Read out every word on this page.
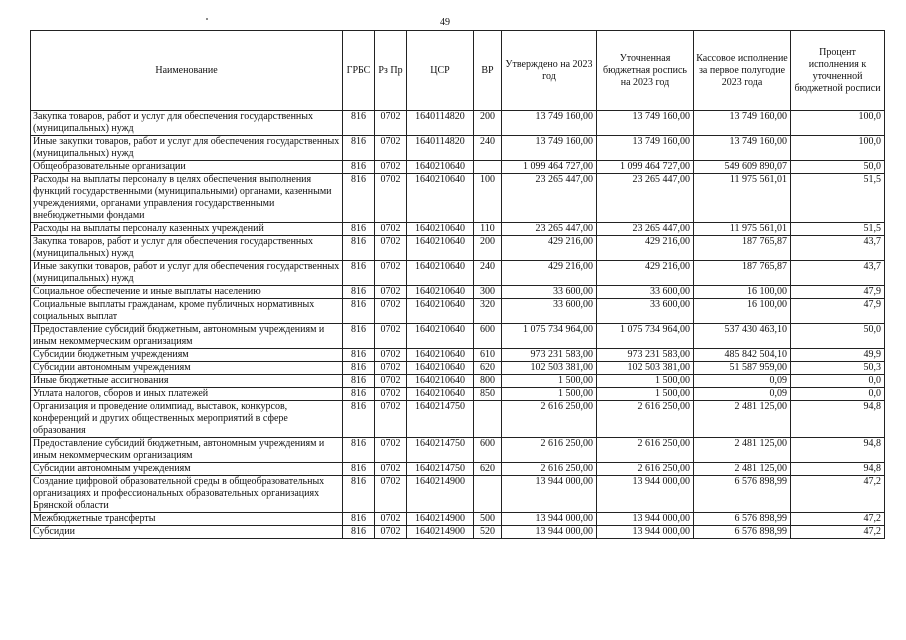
49
Наименование	ГРБС	Рз Пр	ЦСР	ВР	Утверждено на 2023 год	Уточненная бюджетная роспись на 2023 год	Кассовое исполнение за первое полугодие 2023 года	Процент исполнения к уточненной бюджетной росписи
Закупка товаров, работ и услуг для обеспечения государственных (муниципальных) нужд	816	0702	1640114820	200	13 749 160,00	13 749 160,00	13 749 160,00	100,0
Иные закупки товаров, работ и услуг для обеспечения государственных (муниципальных) нужд	816	0702	1640114820	240	13 749 160,00	13 749 160,00	13 749 160,00	100,0
Общеобразовательные организации	816	0702	1640210640		1 099 464 727,00	1 099 464 727,00	549 609 890,07	50,0
Расходы на выплаты персоналу в целях обеспечения выполнения функций государственными (муниципальными) органами, казенными учреждениями, органами управления государственными внебюджетными фондами	816	0702	1640210640	100	23 265 447,00	23 265 447,00	11 975 561,01	51,5
Расходы на выплаты персоналу казенных учреждений	816	0702	1640210640	110	23 265 447,00	23 265 447,00	11 975 561,01	51,5
Закупка товаров, работ и услуг для обеспечения государственных (муниципальных) нужд	816	0702	1640210640	200	429 216,00	429 216,00	187 765,87	43,7
Иные закупки товаров, работ и услуг для обеспечения государственных (муниципальных) нужд	816	0702	1640210640	240	429 216,00	429 216,00	187 765,87	43,7
Социальное обеспечение и иные выплаты населению	816	0702	1640210640	300	33 600,00	33 600,00	16 100,00	47,9
Социальные выплаты гражданам, кроме публичных нормативных социальных выплат	816	0702	1640210640	320	33 600,00	33 600,00	16 100,00	47,9
Предоставление субсидий бюджетным, автономным учреждениям и иным некоммерческим организациям	816	0702	1640210640	600	1 075 734 964,00	1 075 734 964,00	537 430 463,10	50,0
Субсидии бюджетным учреждениям	816	0702	1640210640	610	973 231 583,00	973 231 583,00	485 842 504,10	49,9
Субсидии автономным учреждениям	816	0702	1640210640	620	102 503 381,00	102 503 381,00	51 587 959,00	50,3
Иные бюджетные ассигнования	816	0702	1640210640	800	1 500,00	1 500,00	0,09	0,0
Уплата налогов, сборов и иных платежей	816	0702	1640210640	850	1 500,00	1 500,00	0,09	0,0
Организация и проведение олимпиад, выставок, конкурсов, конференций и других общественных мероприятий в сфере образования	816	0702	1640214750		2 616 250,00	2 616 250,00	2 481 125,00	94,8
Предоставление субсидий бюджетным, автономным учреждениям и иным некоммерческим организациям	816	0702	1640214750	600	2 616 250,00	2 616 250,00	2 481 125,00	94,8
Субсидии автономным учреждениям	816	0702	1640214750	620	2 616 250,00	2 616 250,00	2 481 125,00	94,8
Создание цифровой образовательной среды в общеобразовательных организациях и профессиональных образовательных организациях Брянской области	816	0702	1640214900		13 944 000,00	13 944 000,00	6 576 898,99	47,2
Межбюджетные трансферты	816	0702	1640214900	500	13 944 000,00	13 944 000,00	6 576 898,99	47,2
Субсидии	816	0702	1640214900	520	13 944 000,00	13 944 000,00	6 576 898,99	47,2
